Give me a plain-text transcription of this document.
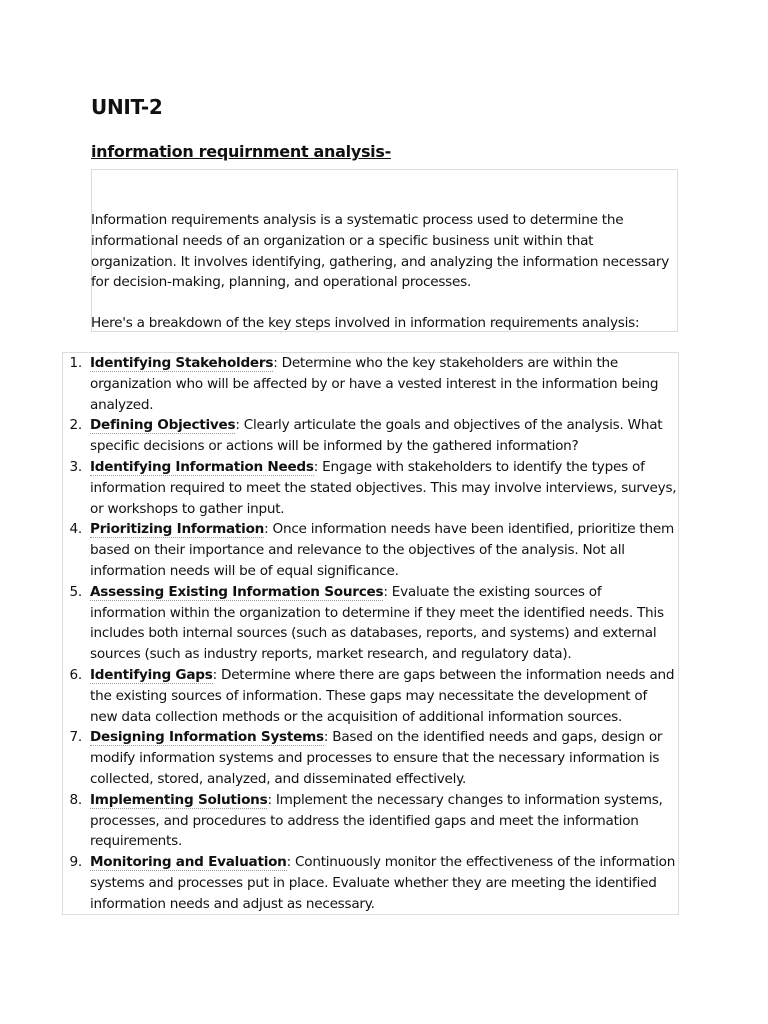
UNIT-2
information requirnment analysis-

Information requirements analysis is a systematic process used to determine the informational needs of an organization or a specific business unit within that organization. It involves identifying, gathering, and analyzing the information necessary for decision-making, planning, and operational processes.

Here's a breakdown of the key steps involved in information requirements analysis:

1. Identifying Stakeholders: Determine who the key stakeholders are within the organization who will be affected by or have a vested interest in the information being analyzed.
2. Defining Objectives: Clearly articulate the goals and objectives of the analysis. What specific decisions or actions will be informed by the gathered information?
3. Identifying Information Needs: Engage with stakeholders to identify the types of information required to meet the stated objectives. This may involve interviews, surveys, or workshops to gather input.
4. Prioritizing Information: Once information needs have been identified, prioritize them based on their importance and relevance to the objectives of the analysis. Not all information needs will be of equal significance.
5. Assessing Existing Information Sources: Evaluate the existing sources of information within the organization to determine if they meet the identified needs. This includes both internal sources (such as databases, reports, and systems) and external sources (such as industry reports, market research, and regulatory data).
6. Identifying Gaps: Determine where there are gaps between the information needs and the existing sources of information. These gaps may necessitate the development of new data collection methods or the acquisition of additional information sources.
7. Designing Information Systems: Based on the identified needs and gaps, design or modify information systems and processes to ensure that the necessary information is collected, stored, analyzed, and disseminated effectively.
8. Implementing Solutions: Implement the necessary changes to information systems, processes, and procedures to address the identified gaps and meet the information requirements.
9. Monitoring and Evaluation: Continuously monitor the effectiveness of the information systems and processes put in place. Evaluate whether they are meeting the identified information needs and adjust as necessary.
